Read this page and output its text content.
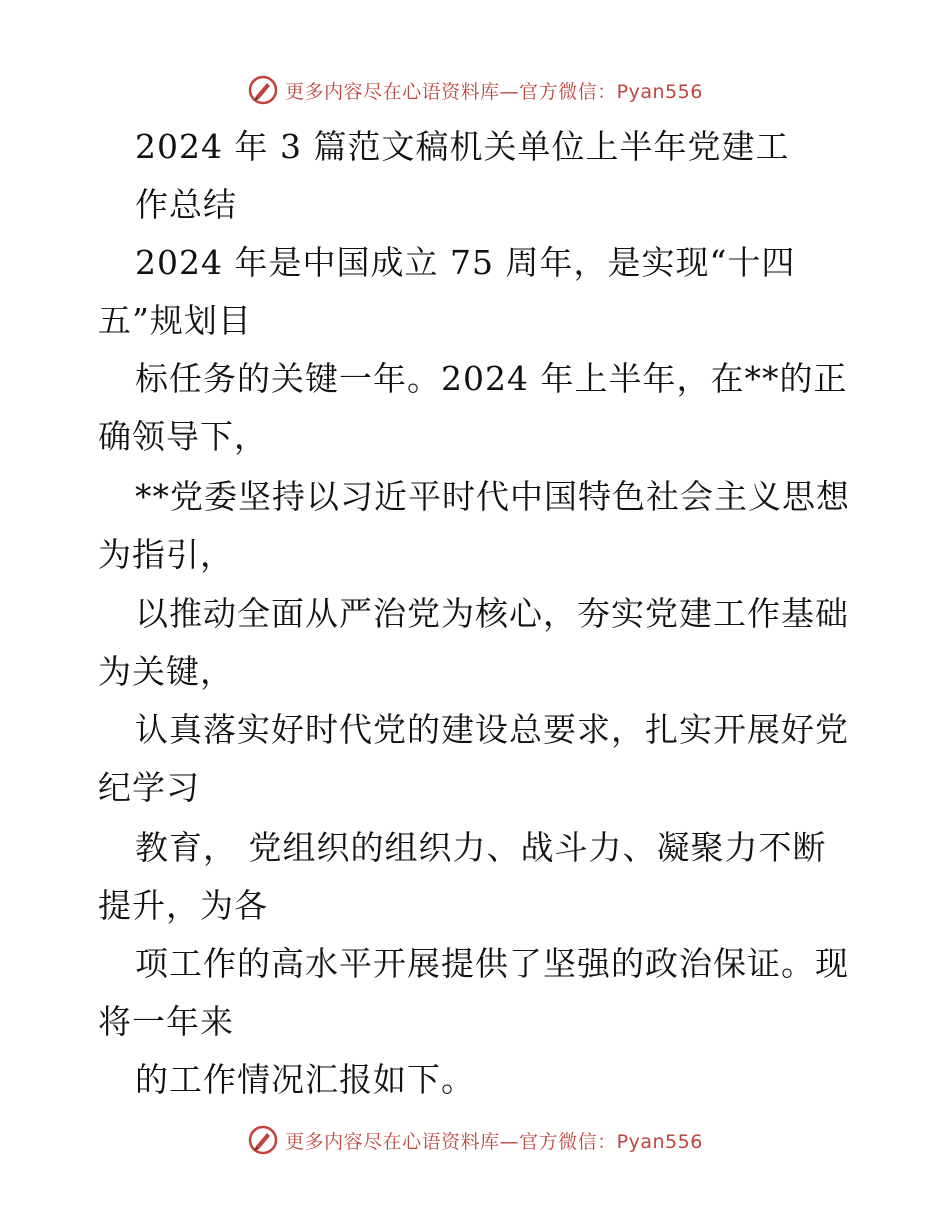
更多内容尽在心语资料库—官方微信：Pyan556
2024 年 3 篇范文稿机关单位上半年党建工
作总结
2024 年是中国成立 75 周年，是实现“十四
五”规划目
标任务的关键一年。2024 年上半年，在**的正
确领导下，
**党委坚持以习近平时代中国特色社会主义思想
为指引，
以推动全面从严治党为核心，夯实党建工作基础
为关键，
认真落实好时代党的建设总要求，扎实开展好党
纪学习
教育， 党组织的组织力、战斗力、凝聚力不断
提升，为各
项工作的高水平开展提供了坚强的政治保证。现
将一年来
的工作情况汇报如下。
更多内容尽在心语资料库—官方微信：Pyan556
